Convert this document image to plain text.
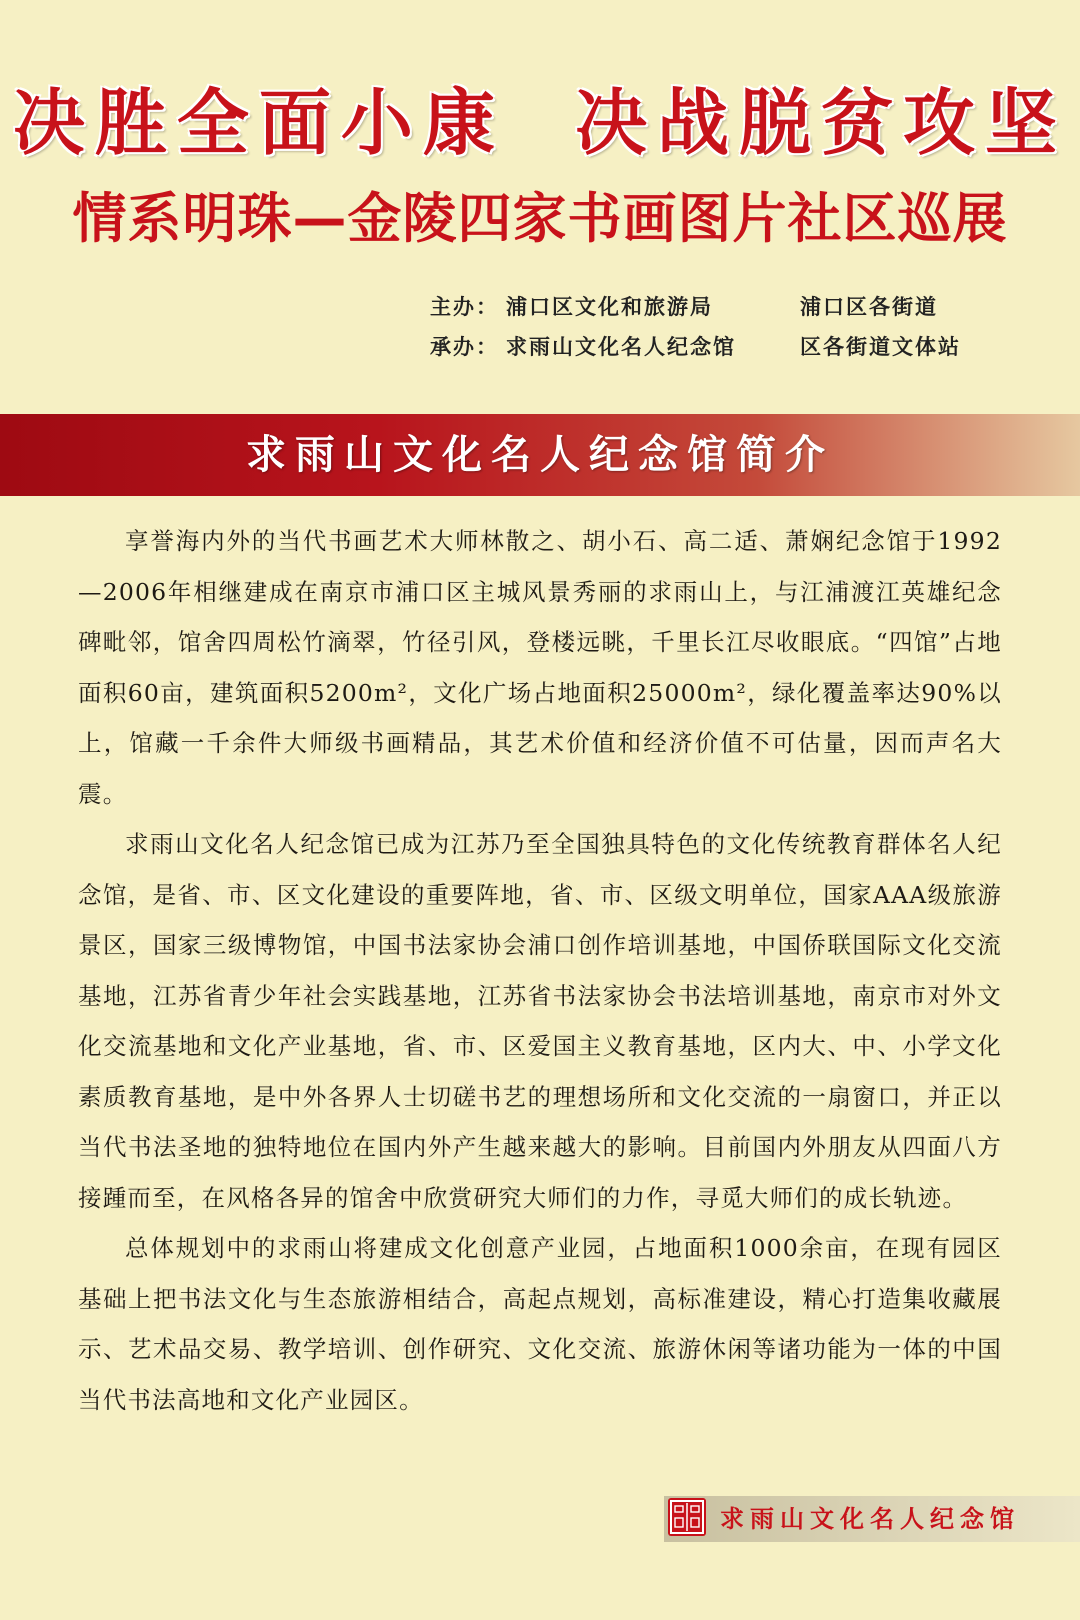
决胜全面小康  决战脱贫攻坚
情系明珠—金陵四家书画图片社区巡展
主办： 浦口区文化和旅游局	浦口区各街道
承办： 求雨山文化名人纪念馆	区各街道文体站
求雨山文化名人纪念馆简介

享誉海内外的当代书画艺术大师林散之、胡小石、高二适、萧娴纪念馆于1992—2006年相继建成在南京市浦口区主城风景秀丽的求雨山上，与江浦渡江英雄纪念碑毗邻，馆舍四周松竹滴翠，竹径引风，登楼远眺，千里长江尽收眼底。“四馆”占地面积60亩，建筑面积5200m²，文化广场占地面积25000m²，绿化覆盖率达90%以上，馆藏一千余件大师级书画精品，其艺术价值和经济价值不可估量，因而声名大震。

求雨山文化名人纪念馆已成为江苏乃至全国独具特色的文化传统教育群体名人纪念馆，是省、市、区文化建设的重要阵地，省、市、区级文明单位，国家AAA级旅游景区，国家三级博物馆，中国书法家协会浦口创作培训基地，中国侨联国际文化交流基地，江苏省青少年社会实践基地，江苏省书法家协会书法培训基地，南京市对外文化交流基地和文化产业基地，省、市、区爱国主义教育基地，区内大、中、小学文化素质教育基地，是中外各界人士切磋书艺的理想场所和文化交流的一扇窗口，并正以当代书法圣地的独特地位在国内外产生越来越大的影响。目前国内外朋友从四面八方接踵而至，在风格各异的馆舍中欣赏研究大师们的力作，寻觅大师们的成长轨迹。

总体规划中的求雨山将建成文化创意产业园，占地面积1000余亩，在现有园区基础上把书法文化与生态旅游相结合，高起点规划，高标准建设，精心打造集收藏展示、艺术品交易、教学培训、创作研究、文化交流、旅游休闲等诸功能为一体的中国当代书法高地和文化产业园区。

求雨山文化名人纪念馆
